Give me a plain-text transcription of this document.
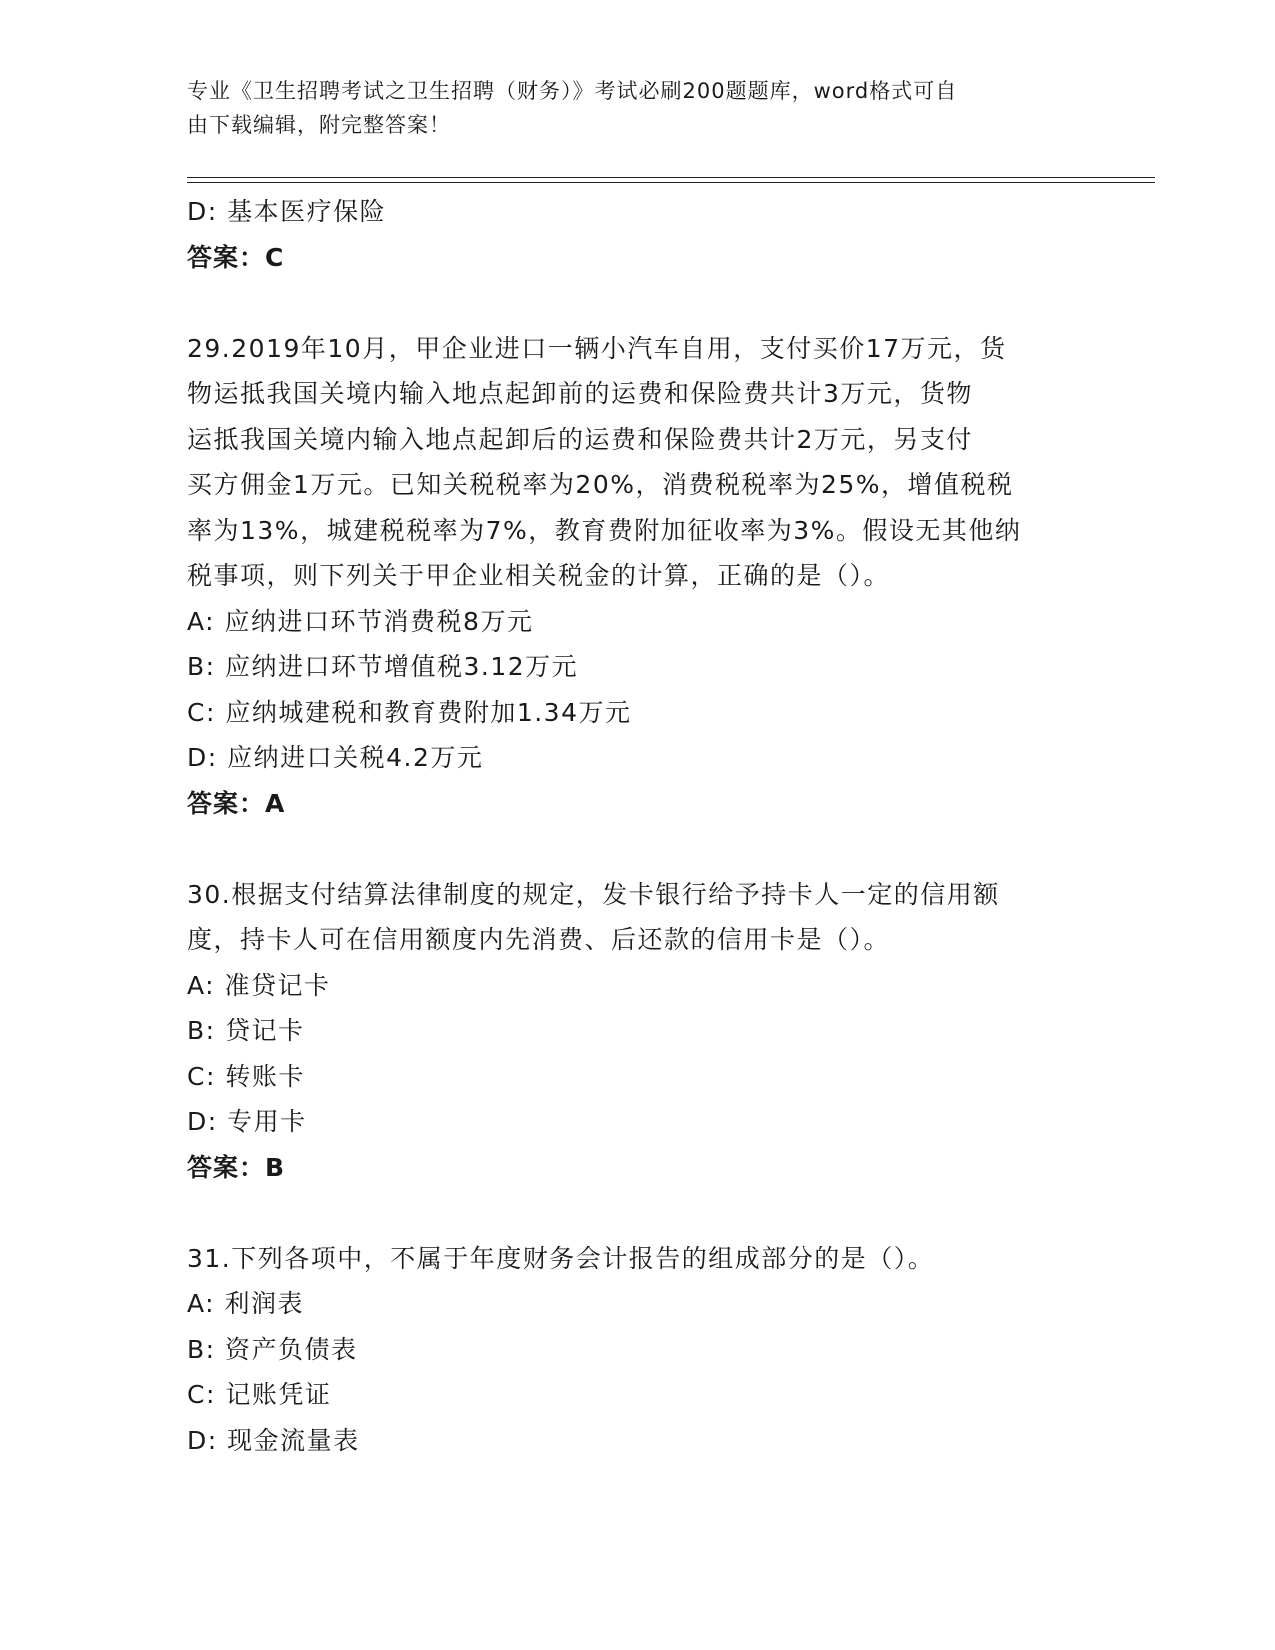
专业《卫生招聘考试之卫生招聘（财务）》考试必刷200题题库，word格式可自
由下载编辑，附完整答案！
D: 基本医疗保险
答案：C
29.2019年10月，甲企业进口一辆小汽车自用，支付买价17万元，货
物运抵我国关境内输入地点起卸前的运费和保险费共计3万元，货物
运抵我国关境内输入地点起卸后的运费和保险费共计2万元，另支付
买方佣金1万元。已知关税税率为20%，消费税税率为25%，增值税税
率为13%，城建税税率为7%，教育费附加征收率为3%。假设无其他纳
税事项，则下列关于甲企业相关税金的计算，正确的是（）。
A: 应纳进口环节消费税8万元
B: 应纳进口环节增值税3.12万元
C: 应纳城建税和教育费附加1.34万元
D: 应纳进口关税4.2万元
答案：A
30.根据支付结算法律制度的规定，发卡银行给予持卡人一定的信用额
度，持卡人可在信用额度内先消费、后还款的信用卡是（）。
A: 准贷记卡
B: 贷记卡
C: 转账卡
D: 专用卡
答案：B
31.下列各项中，不属于年度财务会计报告的组成部分的是（）。
A: 利润表
B: 资产负债表
C: 记账凭证
D: 现金流量表
